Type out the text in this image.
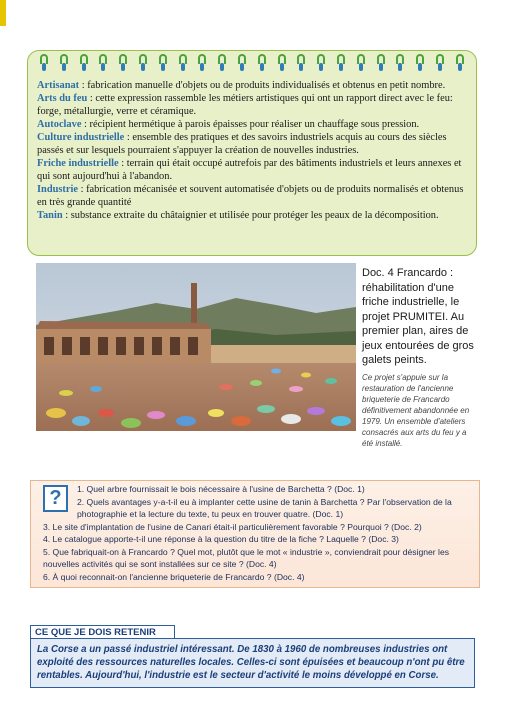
Artisanat : fabrication manuelle d'objets ou de produits individualisés et obtenus en petit nombre.
Arts du feu : cette expression rassemble les métiers artistiques qui ont un rapport direct avec le feu: forge, métallurgie, verre et céramique.
Autoclave : récipient hermétique à parois épaisses pour réaliser un chauffage sous pression.
Culture industrielle : ensemble des pratiques et des savoirs industriels acquis au cours des siècles passés et sur lesquels pourraient s'appuyer la création de nouvelles industries.
Friche industrielle : terrain qui était occupé autrefois par des bâtiments industriels et leurs annexes et qui sont aujourd'hui à l'abandon.
Industrie : fabrication mécanisée et souvent automatisée d'objets ou de produits normalisés et obtenus en très grande quantité
Tanin : substance extraite du châtaignier et utilisée pour protéger les peaux de la décomposition.

Doc. 4 Francardo : réhabilitation d'une friche industrielle, le projet PRUMITEI. Au premier plan, aires de jeux entourées de gros galets peints.

Ce projet s'appuie sur la restauration de l'ancienne briqueterie de Francardo définitivement abandonnée en 1979. Un ensemble d'ateliers consacrés aux arts du feu y a été installé.

?	1. Quel arbre fournissait le bois nécessaire à l'usine de Barchetta ? (Doc. 1)
2. Quels avantages y-a-t-il eu à implanter cette usine de tanin à Barchetta ? Par l'observation de la photographie et la lecture du texte, tu peux en trouver quatre. (Doc. 1)
3. Le site d'implantation de l'usine de Canari était-il particulièrement favorable ? Pourquoi ? (Doc. 2)
4. Le catalogue apporte-t-il une réponse à la question du titre de la fiche ? Laquelle ? (Doc. 3)
5. Que fabriquait-on à Francardo ? Quel mot, plutôt que le mot « industrie », conviendrait pour désigner les nouvelles activités qui se sont installées sur ce site ? (Doc. 4)
6. À quoi reconnait-on l'ancienne briqueterie de Francardo ? (Doc. 4)
CE QUE JE DOIS RETENIR
La Corse a un passé industriel intéressant. De 1830 à 1960 de nombreuses industries ont exploité des ressources naturelles locales. Celles-ci sont épuisées et beaucoup n'ont pu être rentables. Aujourd'hui, l'industrie est le secteur d'activité le moins développé en Corse.
